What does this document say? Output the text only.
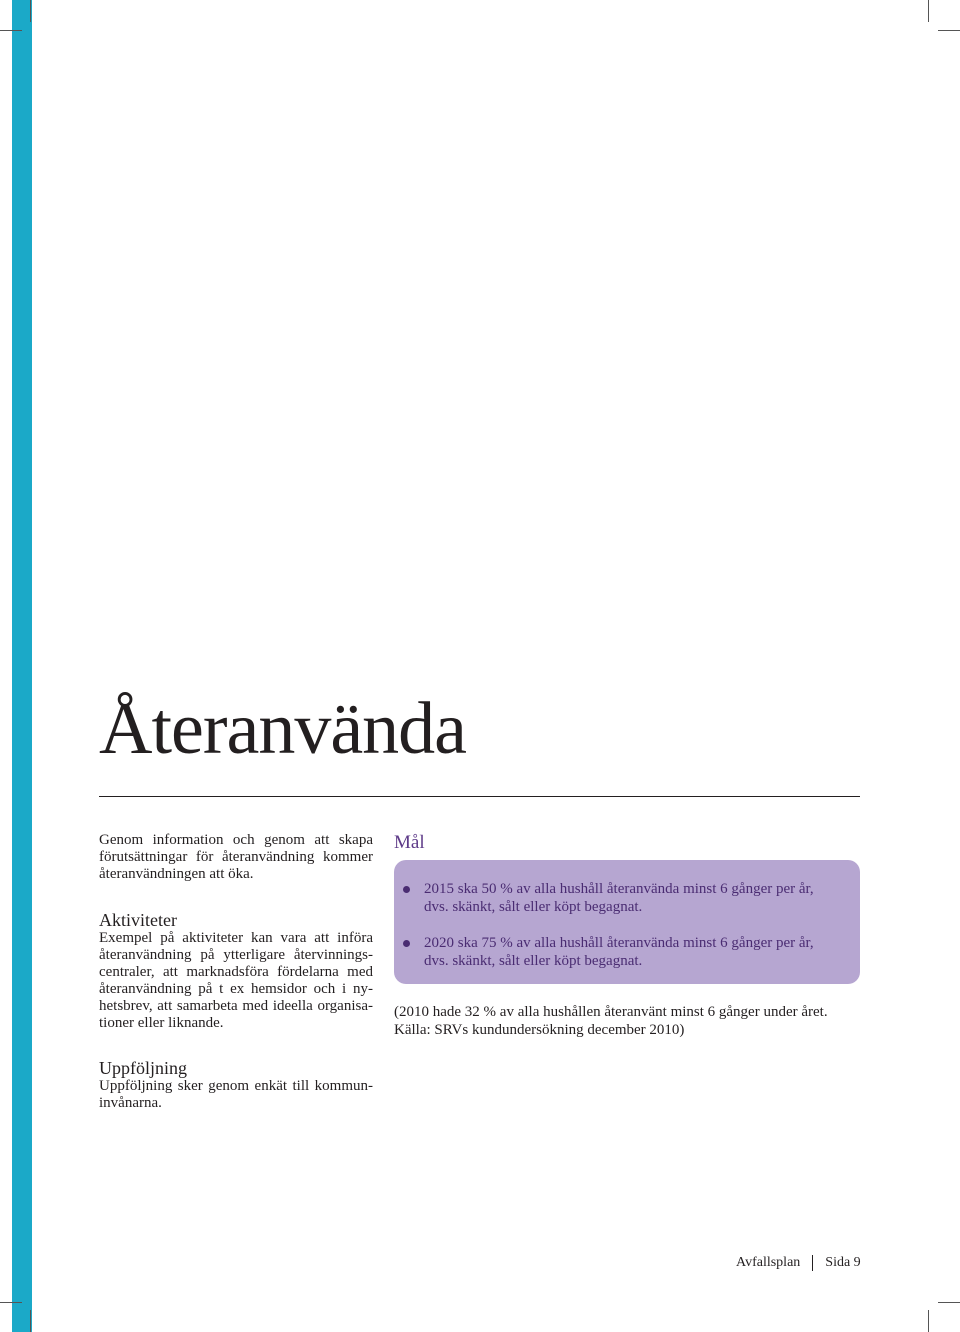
Återanvända

Genom information och genom att skapa förutsättningar för återanvändning kommer återanvändningen att öka.

Aktiviteter

Exempel på aktiviteter kan vara att införa återanvändning på ytterligare återvinningscentraler, att marknadsföra fördelarna med återanvändning på t ex hemsidor och i nyhetsbrev, att samarbeta med ideella organisationer eller liknande.

Uppföljning

Uppföljning sker genom enkät till kommuninvånarna.

Mål
2015 ska 50 % av alla hushåll återanvända minst 6 gånger per år, dvs. skänkt, sålt eller köpt begagnat.
2020 ska 75 % av alla hushåll återanvända minst 6 gånger per år, dvs. skänkt, sålt eller köpt begagnat.

(2010 hade 32 % av alla hushållen återanvänt minst 6 gånger under året.

Källa: SRVs kundundersökning december 2010)

Avfallsplan Sida 9
